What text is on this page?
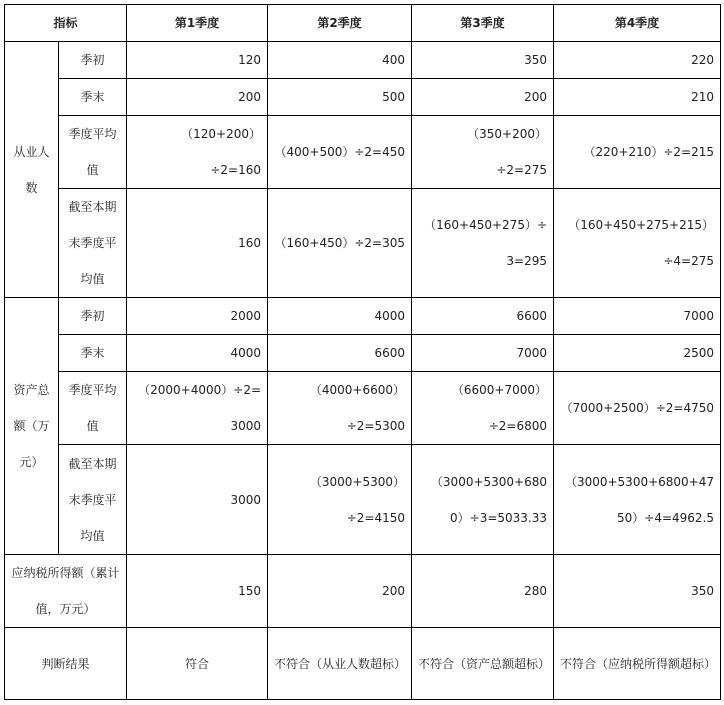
指标		第1季度	第2季度	第3季度	第4季度
从业人数	季初	120	400	350	220
	季末	200	500	200	210
	季度平均值	（120+200）÷2=160	（400+500）÷2=450	（350+200）÷2=275	（220+210）÷2=215
	截至本期末季度平均值	160	（160+450）÷2=305	（160+450+275）÷3=295	（160+450+275+215）÷4=275
资产总额（万元）	季初	2000	4000	6600	7000
	季末	4000	6600	7000	2500
	季度平均值	（2000+4000）÷2=3000	（4000+6600）÷2=5300	（6600+7000）÷2=6800	（7000+2500）÷2=4750
	截至本期末季度平均值	3000	（3000+5300）÷2=4150	（3000+5300+6800）÷3=5033.33	（3000+5300+6800+4750）÷4=4962.5
应纳税所得额（累计值，万元）		150	200	280	350
判断结果		符合	不符合（从业人数超标）	不符合（资产总额超标）	不符合（应纳税所得额超标）
